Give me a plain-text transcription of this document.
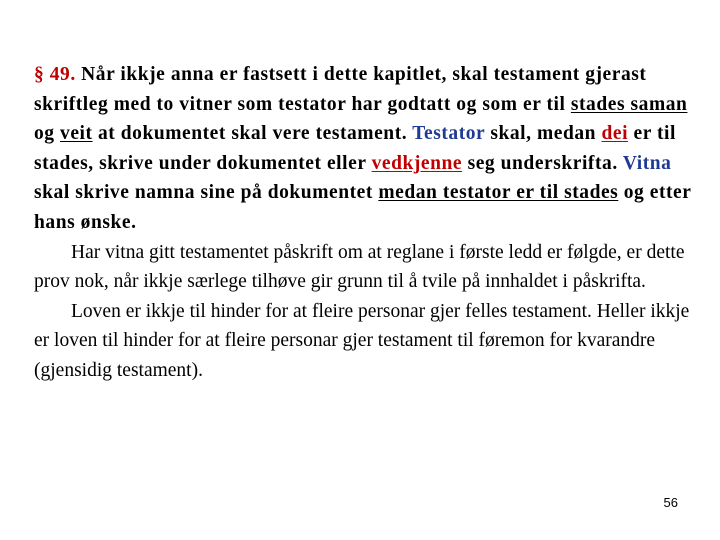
§ 49. Når ikkje anna er fastsett i dette kapitlet, skal testament gjerast skriftleg med to vitner som testator har godtatt og som er til stades saman og veit at dokumentet skal vere testament. Testator skal, medan dei er til stades, skrive under dokumentet eller vedkjenne seg underskrifta. Vitna skal skrive namna sine på dokumentet medan testator er til stades og etter hans ønske.

Har vitna gitt testamentet påskrift om at reglane i første ledd er følgde, er dette prov nok, når ikkje særlege tilhøve gir grunn til å tvile på innhaldet i påskrifta.

Loven er ikkje til hinder for at fleire personar gjer felles testament. Heller ikkje er loven til hinder for at fleire personar gjer testament til føremon for kvarandre (gjensidig testament).

56
